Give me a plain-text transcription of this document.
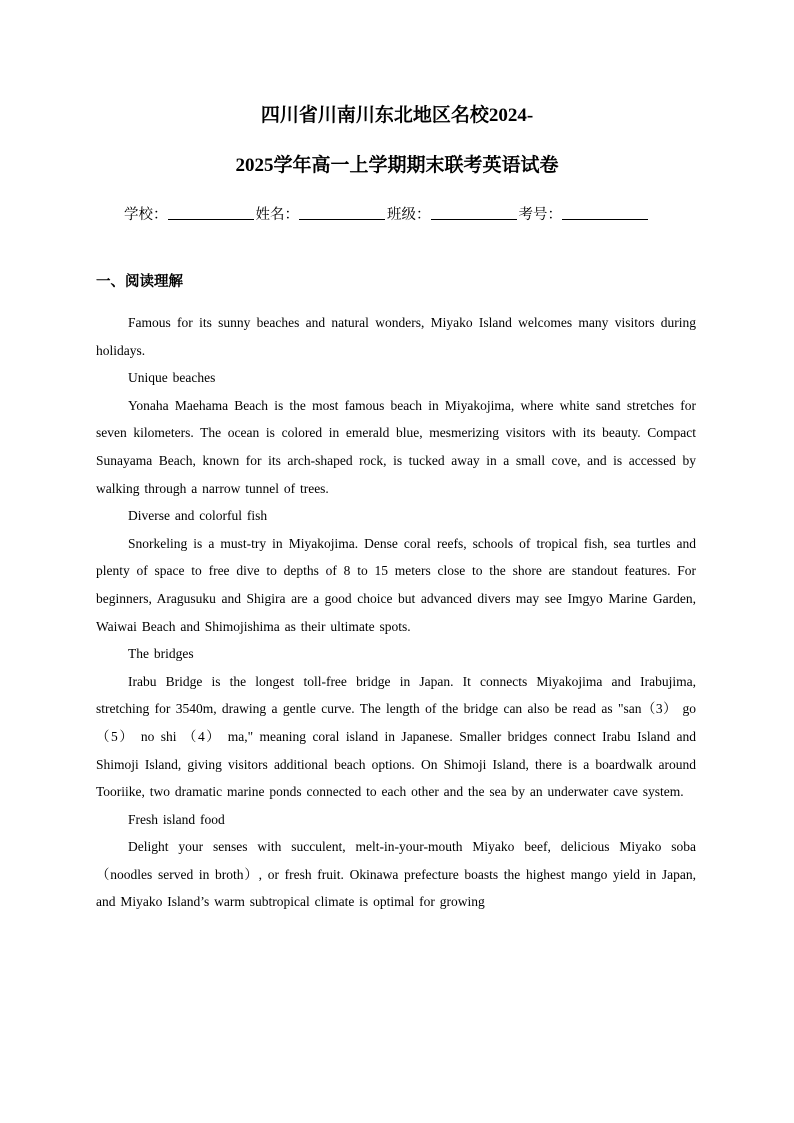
四川省川南川东北地区名校2024-
2025学年高一上学期期末联考英语试卷
学校：	姓名：	班级：	考号：
一、阅读理解

Famous for its sunny beaches and natural wonders, Miyako Island welcomes many visitors during holidays.

Unique beaches

Yonaha Maehama Beach is the most famous beach in Miyakojima, where white sand stretches for seven kilometers. The ocean is colored in emerald blue, mesmerizing visitors with its beauty. Compact Sunayama Beach, known for its arch-shaped rock, is tucked away in a small cove, and is accessed by walking through a narrow tunnel of trees.

Diverse and colorful fish

Snorkeling is a must-try in Miyakojima. Dense coral reefs, schools of tropical fish, sea turtles and plenty of space to free dive to depths of 8 to 15 meters close to the shore are standout features. For beginners, Aragusuku and Shigira are a good choice but advanced divers may see Imgyo Marine Garden, Waiwai Beach and Shimojishima as their ultimate spots.

The bridges

Irabu Bridge is the longest toll-free bridge in Japan. It connects Miyakojima and Irabujima, stretching for 3540m, drawing a gentle curve. The length of the bridge can also be read as "san（3） go （5） no shi （4） ma," meaning coral island in Japanese. Smaller bridges connect Irabu Island and Shimoji Island, giving visitors additional beach options. On Shimoji Island, there is a boardwalk around Tooriike, two dramatic marine ponds connected to each other and the sea by an underwater cave system.

Fresh island food

Delight your senses with succulent, melt-in-your-mouth Miyako beef, delicious Miyako soba （noodles served in broth）, or fresh fruit. Okinawa prefecture boasts the highest mango yield in Japan, and Miyako Island’s warm subtropical climate is optimal for growing
